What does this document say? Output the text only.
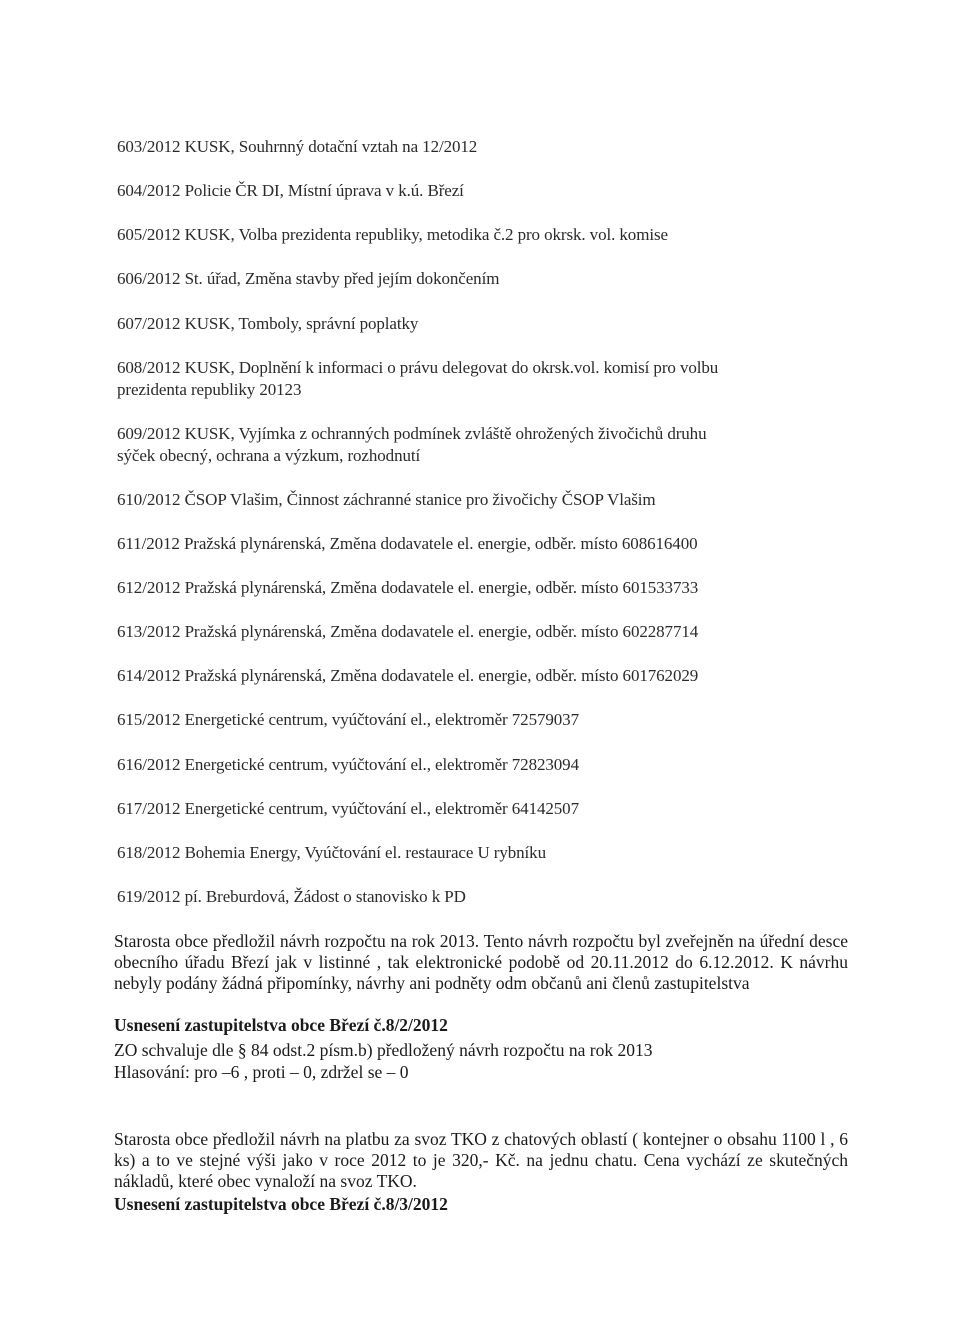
603/2012 KUSK, Souhrnný dotační vztah na 12/2012

604/2012 Policie ČR DI, Místní úprava v k.ú. Březí

605/2012 KUSK, Volba prezidenta republiky, metodika č.2 pro okrsk. vol. komise

606/2012 St. úřad, Změna stavby před jejím dokončením

607/2012 KUSK, Tomboly, správní poplatky

608/2012 KUSK, Doplnění k informaci o právu delegovat do okrsk.vol. komisí pro volbu

prezidenta republiky 20123

609/2012 KUSK, Vyjímka z ochranných podmínek zvláště ohrožených živočichů druhu

sýček obecný, ochrana a výzkum, rozhodnutí

610/2012 ČSOP Vlašim, Činnost záchranné stanice pro živočichy ČSOP Vlašim

611/2012 Pražská plynárenská, Změna dodavatele el. energie, odběr. místo 608616400

612/2012 Pražská plynárenská, Změna dodavatele el. energie, odběr. místo 601533733

613/2012 Pražská plynárenská, Změna dodavatele el. energie, odběr. místo 602287714

614/2012 Pražská plynárenská, Změna dodavatele el. energie, odběr. místo 601762029

615/2012 Energetické centrum, vyúčtování el., elektroměr 72579037

616/2012 Energetické centrum, vyúčtování el., elektroměr 72823094

617/2012 Energetické centrum, vyúčtování el., elektroměr 64142507

618/2012 Bohemia Energy, Vyúčtování el. restaurace U rybníku

619/2012 pí. Breburdová, Žádost o stanovisko k PD

Starosta obce předložil návrh rozpočtu na rok 2013. Tento návrh rozpočtu byl zveřejněn na úřední desce obecního úřadu Březí jak v listinné , tak elektronické podobě od 20.11.2012 do 6.12.2012. K návrhu nebyly podány žádná připomínky, návrhy ani podněty odm občanů ani členů zastupitelstva

Usnesení zastupitelstva obce Březí č.8/2/2012

ZO schvaluje dle § 84 odst.2 písm.b) předložený návrh rozpočtu na rok 2013

Hlasování: pro –6 , proti – 0, zdržel se – 0

Starosta obce předložil návrh na platbu za svoz TKO z chatových oblastí ( kontejner o obsahu 1100 l , 6 ks) a to ve stejné výši jako v roce 2012 to je 320,- Kč. na jednu chatu. Cena vychází ze skutečných nákladů, které obec vynaloží na svoz TKO.

Usnesení zastupitelstva obce Březí č.8/3/2012
